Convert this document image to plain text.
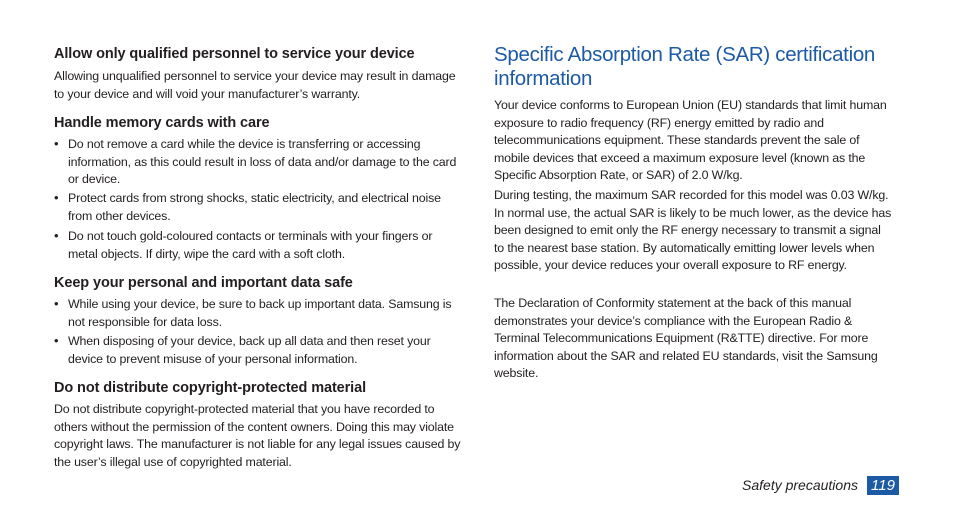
Allow only qualified personnel to service your device

Allowing unqualified personnel to service your device may result in damage to your device and will void your manufacturer’s warranty.

Handle memory cards with care
• Do not remove a card while the device is transferring or accessing information, as this could result in loss of data and/or damage to the card or device.
• Protect cards from strong shocks, static electricity, and electrical noise from other devices.
• Do not touch gold-coloured contacts or terminals with your fingers or metal objects. If dirty, wipe the card with a soft cloth.
Keep your personal and important data safe
• While using your device, be sure to back up important data. Samsung is not responsible for data loss.
• When disposing of your device, back up all data and then reset your device to prevent misuse of your personal information.
Do not distribute copyright-protected material

Do not distribute copyright-protected material that you have recorded to others without the permission of the content owners. Doing this may violate copyright laws. The manufacturer is not liable for any legal issues caused by the user’s illegal use of copyrighted material.

Specific Absorption Rate (SAR) certification information

Your device conforms to European Union (EU) standards that limit human exposure to radio frequency (RF) energy emitted by radio and telecommunications equipment. These standards prevent the sale of mobile devices that exceed a maximum exposure level (known as the Specific Absorption Rate, or SAR) of 2.0 W/kg.

During testing, the maximum SAR recorded for this model was 0.03 W/kg. In normal use, the actual SAR is likely to be much lower, as the device has been designed to emit only the RF energy necessary to transmit a signal to the nearest base station. By automatically emitting lower levels when possible, your device reduces your overall exposure to RF energy.

The Declaration of Conformity statement at the back of this manual demonstrates your device’s compliance with the European Radio & Terminal Telecommunications Equipment (R&TTE) directive. For more information about the SAR and related EU standards, visit the Samsung website.

Safety precautions 119
